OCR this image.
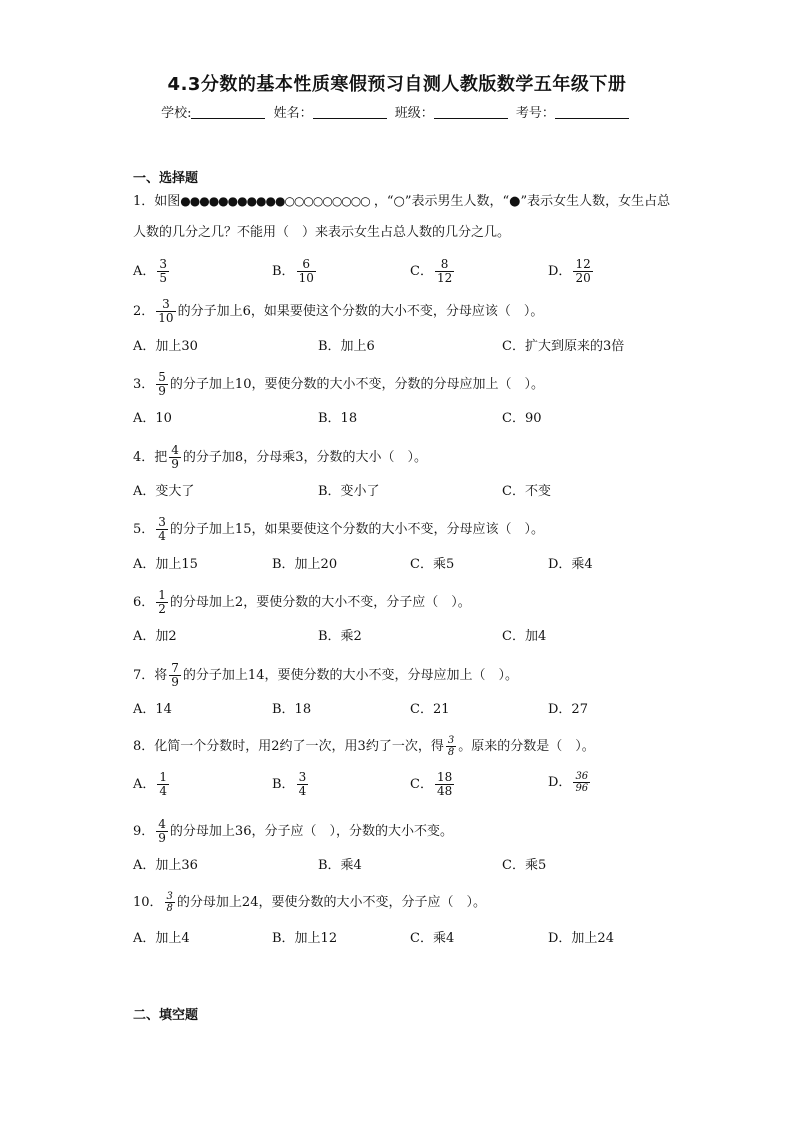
4.3分数的基本性质寒假预习自测人教版数学五年级下册
学校:	姓名：	班级：	考号：
一、选择题
1．如图●●●●●●●●●●●○○○○○○○○○ ，“○”表示男生人数，“●”表示女生人数，女生占总
人数的几分之几？不能用（　）来表示女生占总人数的几分之几。
A． $\frac{3}{5}$	B． $\frac{6}{10}$	C． $\frac{8}{12}$	D． $\frac{12}{20}$
2． $\frac{3}{10}$ 的分子加上6，如果要使这个分数的大小不变，分母应该（　）。
A．加上30	B．加上6	C．扩大到原来的3倍
3． $\frac{5}{9}$ 的分子加上10，要使分数的大小不变，分数的分母应加上（　）。
A．10	B．18	C．90
4．把 $\frac{4}{9}$ 的分子加8，分母乘3，分数的大小（　）。
A．变大了	B．变小了	C．不变
5． $\frac{3}{4}$ 的分子加上15，如果要使这个分数的大小不变，分母应该（　）。
A．加上15	B．加上20	C．乘5	D．乘4
6． $\frac{1}{2}$ 的分母加上2，要使分数的大小不变，分子应（　）。
A．加2	B．乘2	C．加4
7．将 $\frac{7}{9}$ 的分子加上14，要使分数的大小不变，分母应加上（　）。
A．14	B．18	C．21	D．27
8．化简一个分数时，用2约了一次，用3约了一次，得 $\frac{3}{8}$ 。原来的分数是（　）。
A． $\frac{1}{4}$	B． $\frac{3}{4}$	C． $\frac{18}{48}$	D． $\frac{36}{96}$
9． $\frac{4}{9}$ 的分母加上36，分子应（　），分数的大小不变。
A．加上36	B．乘4	C．乘5
10． $\frac{3}{8}$ 的分母加上24，要使分数的大小不变，分子应（　）。
A．加上4	B．加上12	C．乘4	D．加上24
二、填空题
